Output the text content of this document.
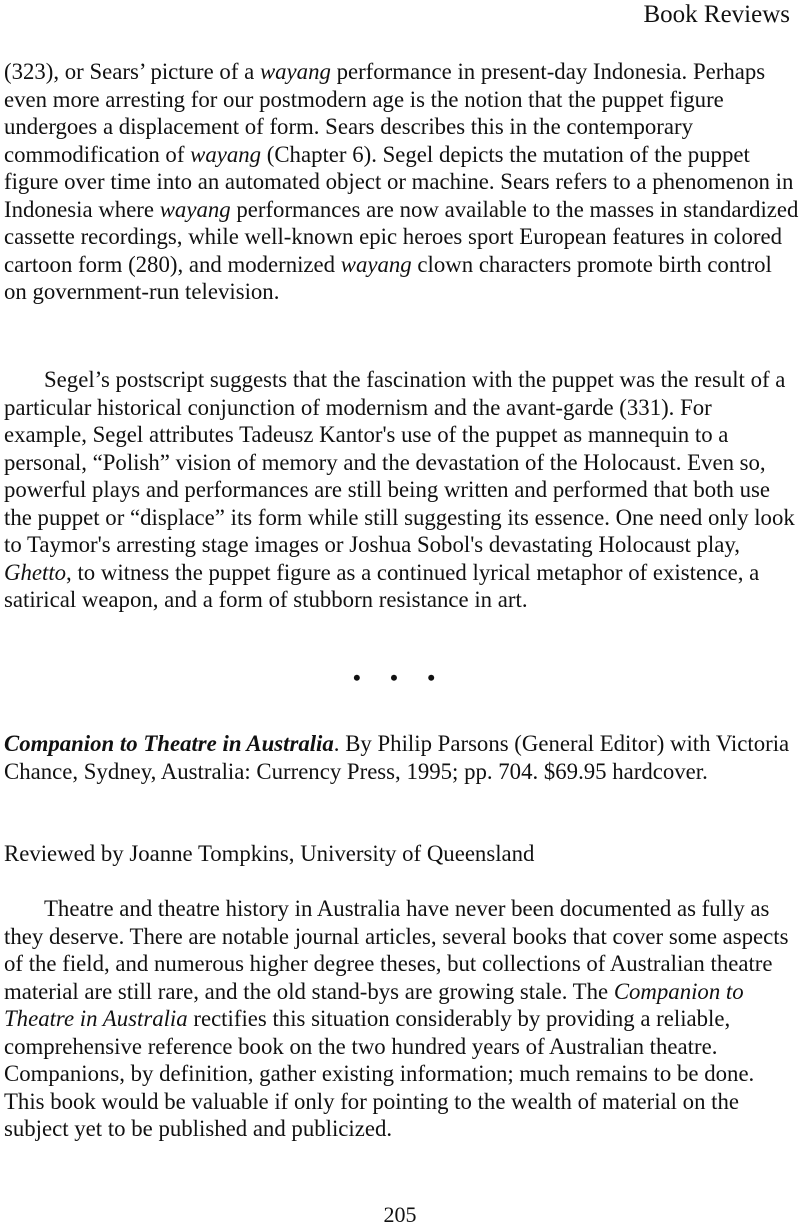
Book Reviews

(323), or Sears’ picture of a wayang performance in present-day Indonesia. Perhaps even more arresting for our postmodern age is the notion that the puppet figure undergoes a displacement of form. Sears describes this in the contemporary commodification of wayang (Chapter 6). Segel depicts the mutation of the puppet figure over time into an automated object or machine. Sears refers to a phenomenon in Indonesia where wayang performances are now available to the masses in standardized cassette recordings, while well-known epic heroes sport European features in colored cartoon form (280), and modernized wayang clown characters promote birth control on government-run television.

Segel’s postscript suggests that the fascination with the puppet was the result of a particular historical conjunction of modernism and the avant-garde (331). For example, Segel attributes Tadeusz Kantor's use of the puppet as mannequin to a personal, “Polish” vision of memory and the devastation of the Holocaust. Even so, powerful plays and performances are still being written and performed that both use the puppet or “displace” its form while still suggesting its essence. One need only look to Taymor's arresting stage images or Joshua Sobol's devastating Holocaust play, Ghetto, to witness the puppet figure as a continued lyrical metaphor of existence, a satirical weapon, and a form of stubborn resistance in art.

• • •

Companion to Theatre in Australia. By Philip Parsons (General Editor) with Victoria Chance, Sydney, Australia: Currency Press, 1995; pp. 704. $69.95 hardcover.

Reviewed by Joanne Tompkins, University of Queensland

Theatre and theatre history in Australia have never been documented as fully as they deserve. There are notable journal articles, several books that cover some aspects of the field, and numerous higher degree theses, but collections of Australian theatre material are still rare, and the old stand-bys are growing stale. The Companion to Theatre in Australia rectifies this situation considerably by providing a reliable, comprehensive reference book on the two hundred years of Australian theatre. Companions, by definition, gather existing information; much remains to be done. This book would be valuable if only for pointing to the wealth of material on the subject yet to be published and publicized.

205
